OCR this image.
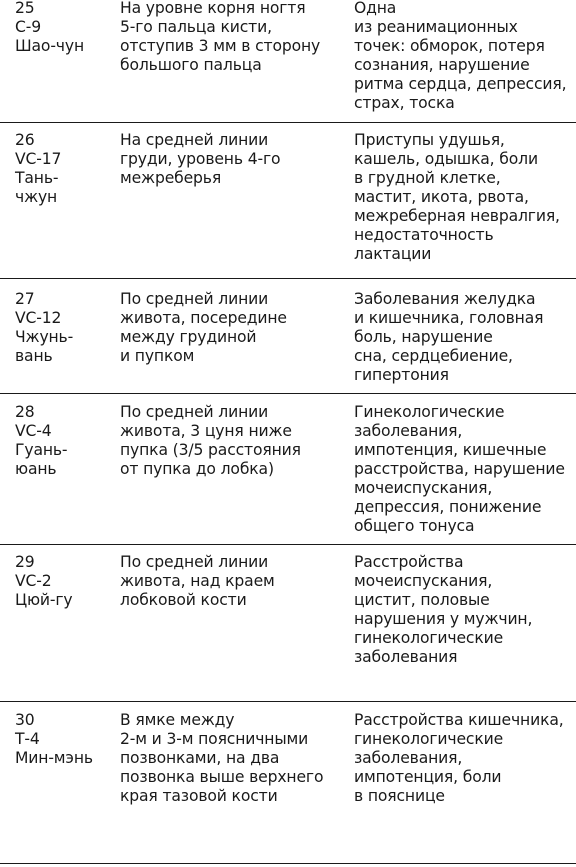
25
С-9
Шао-чун
На уровне корня ногтя
5-го пальца кисти,
отступив 3 мм в сторону
большого пальца
Одна
из реанимационных
точек: обморок, потеря
сознания, нарушение
ритма сердца, депрессия,
страх, тоска
26
VC-17
Тань-
чжун
На средней линии
груди, уровень 4-го
межреберья
Приступы удушья,
кашель, одышка, боли
в грудной клетке,
мастит, икота, рвота,
межреберная невралгия,
недостаточность
лактации
27
VC-12
Чжунь-
вань
По средней линии
живота, посередине
между грудиной
и пупком
Заболевания желудка
и кишечника, головная
боль, нарушение
сна, сердцебиение,
гипертония
28
VC-4
Гуань-
юань
По средней линии
живота, 3 цуня ниже
пупка (3/5 расстояния
от пупка до лобка)
Гинекологические
заболевания,
импотенция, кишечные
расстройства, нарушение
мочеиспускания,
депрессия, понижение
общего тонуса
29
VC-2
Цюй-гу
По средней линии
живота, над краем
лобковой кости
Расстройства
мочеиспускания,
цистит, половые
нарушения у мужчин,
гинекологические
заболевания
30
Т-4
Мин-мэнь
В ямке между
2-м и 3-м поясничными
позвонками, на два
позвонка выше верхнего
края тазовой кости
Расстройства кишечника,
гинекологические
заболевания,
импотенция, боли
в пояснице
